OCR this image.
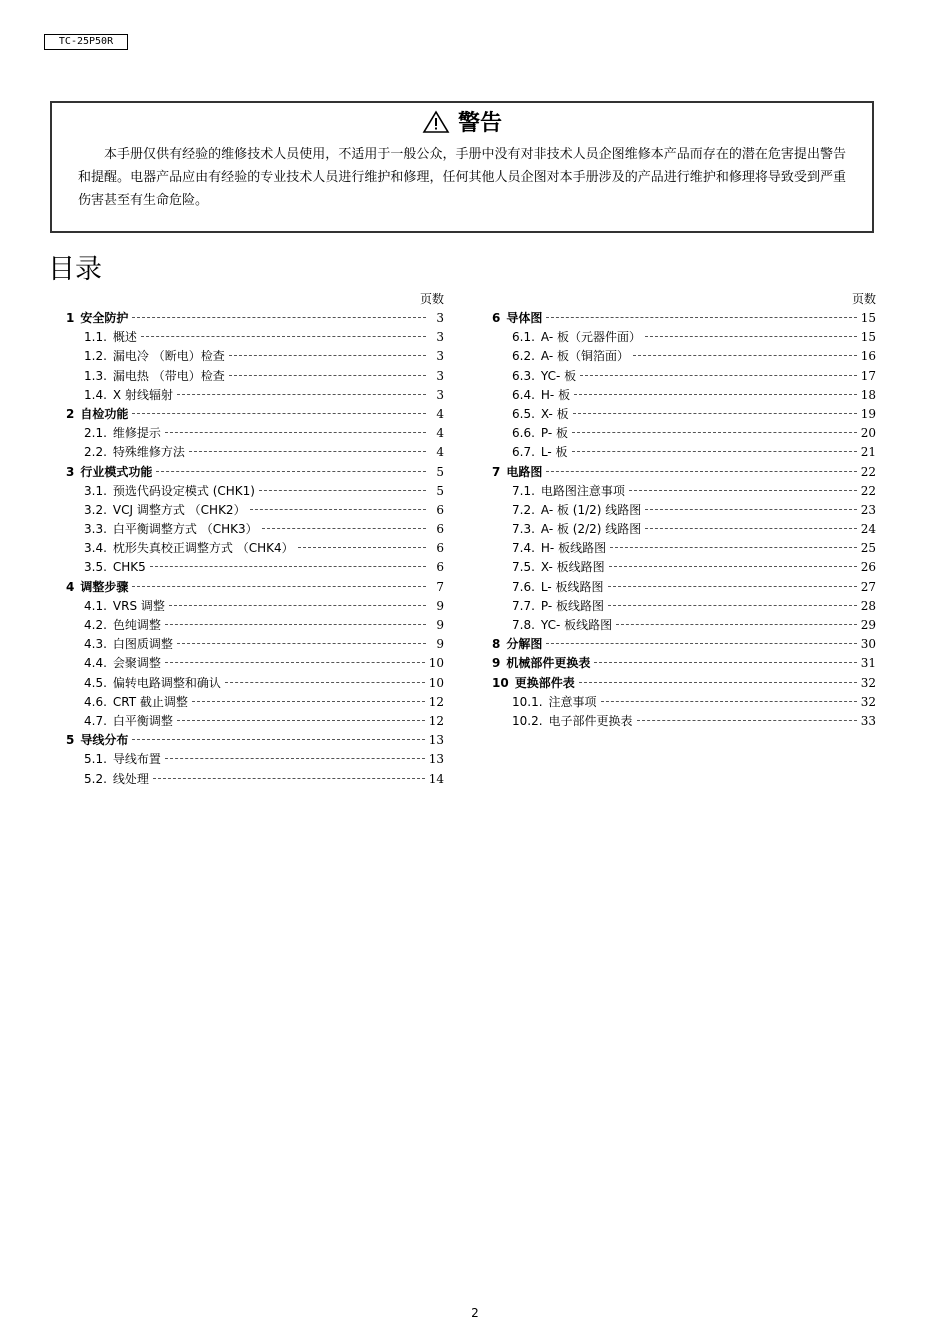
TC-25P50R
警告
本手册仅供有经验的维修技术人员使用，不适用于一般公众，手册中没有对非技术人员企图维修本产品而存在的潜在危害提出警告和提醒。电器产品应由有经验的专业技术人员进行维护和修理，任何其他人员企图对本手册涉及的产品进行维护和修理将导致受到严重伤害甚至有生命危险。
目录
页数
1 安全防护	3
1.1. 概述	3
1.2. 漏电冷 （断电）检查	3
1.3. 漏电热 （带电）检查	3
1.4. X 射线辐射	3
2 自检功能	4
2.1. 维修提示	4
2.2. 特殊维修方法	4
3 行业模式功能	5
3.1. 预选代码设定模式 (CHK1)	5
3.2. VCJ 调整方式 （CHK2）	6
3.3. 白平衡调整方式 （CHK3）	6
3.4. 枕形失真校正调整方式 （CHK4）	6
3.5. CHK5	6
4 调整步骤	7
4.1. VRS 调整	9
4.2. 色纯调整	9
4.3. 白图质调整	9
4.4. 会聚调整	10
4.5. 偏转电路调整和确认	10
4.6. CRT 截止调整	12
4.7. 白平衡调整	12
5 导线分布	13
5.1. 导线布置	13
5.2. 线处理	14
页数
6 导体图	15
6.1. A- 板（元器件面）	15
6.2. A- 板（铜箔面）	16
6.3. YC- 板	17
6.4. H- 板	18
6.5. X- 板	19
6.6. P- 板	20
6.7. L- 板	21
7 电路图	22
7.1. 电路图注意事项	22
7.2. A- 板 (1/2) 线路图	23
7.3. A- 板 (2/2) 线路图	24
7.4. H- 板线路图	25
7.5. X- 板线路图	26
7.6. L- 板线路图	27
7.7. P- 板线路图	28
7.8. YC- 板线路图	29
8 分解图	30
9 机械部件更换表	31
10 更换部件表	32
10.1. 注意事项	32
10.2. 电子部件更换表	33
2
